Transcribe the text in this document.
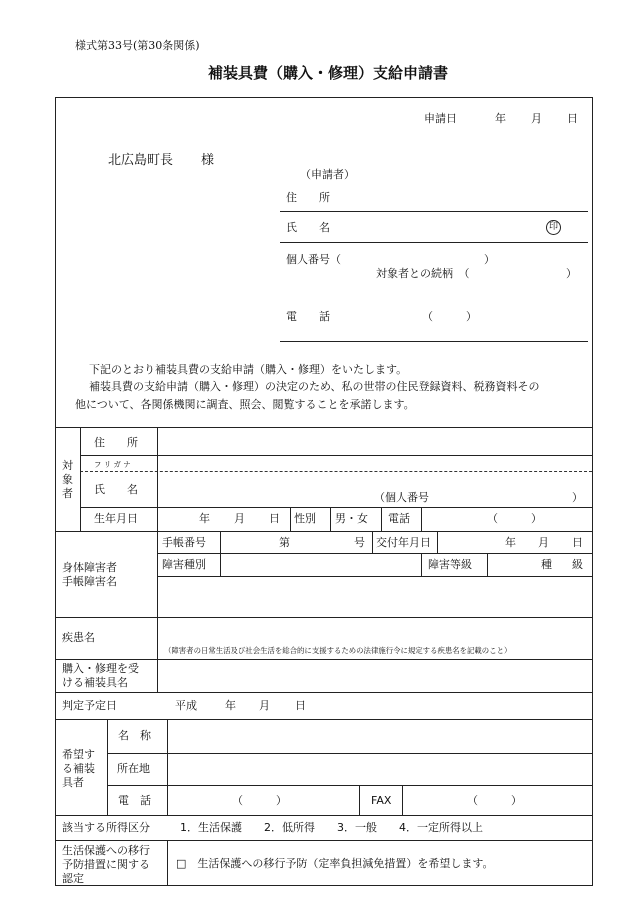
様式第33号(第30条関係)
補装具費（購入・修理）支給申請書
申請日	年 月 日
北広島町長 様
（申請者）
住　　所
氏　　名	印
個人番号（	）
対象者との続柄　（	）
電　　話	（　　　）
下記のとおり補装具費の支給申請（購入・修理）をいたします。
補装具費の支給申請（購入・修理）の決定のため、私の世帯の住民登録資料、税務資料その
他について、各関係機関に調査、照会、閲覧することを承諾します。
対
象
者
住　　所
フ リ ガ ナ
氏　　名
（個人番号	）
生年月日	年 月 日 性別 男・女 電話	（　　　）
身体障害者
手帳障害名
手帳番号	第	号 交付年月日	年 月 日
障害種別	障害等級	種 級
疾患名
（障害者の日常生活及び社会生活を総合的に支援するための法律施行令に規定する疾患名を記載のこと）
購入・修理を受
ける補装具名
判定予定日	平成	年 月 日
希望す
る補装
具者
名　称
所在地
電　話	（　　　）	FAX	（　　　）
該当する所得区分	1．生活保護　　2．低所得　　3．一般　　4．一定所得以上
生活保護への移行
予防措置に関する
認定
□　生活保護への移行予防（定率負担減免措置）を希望します。
